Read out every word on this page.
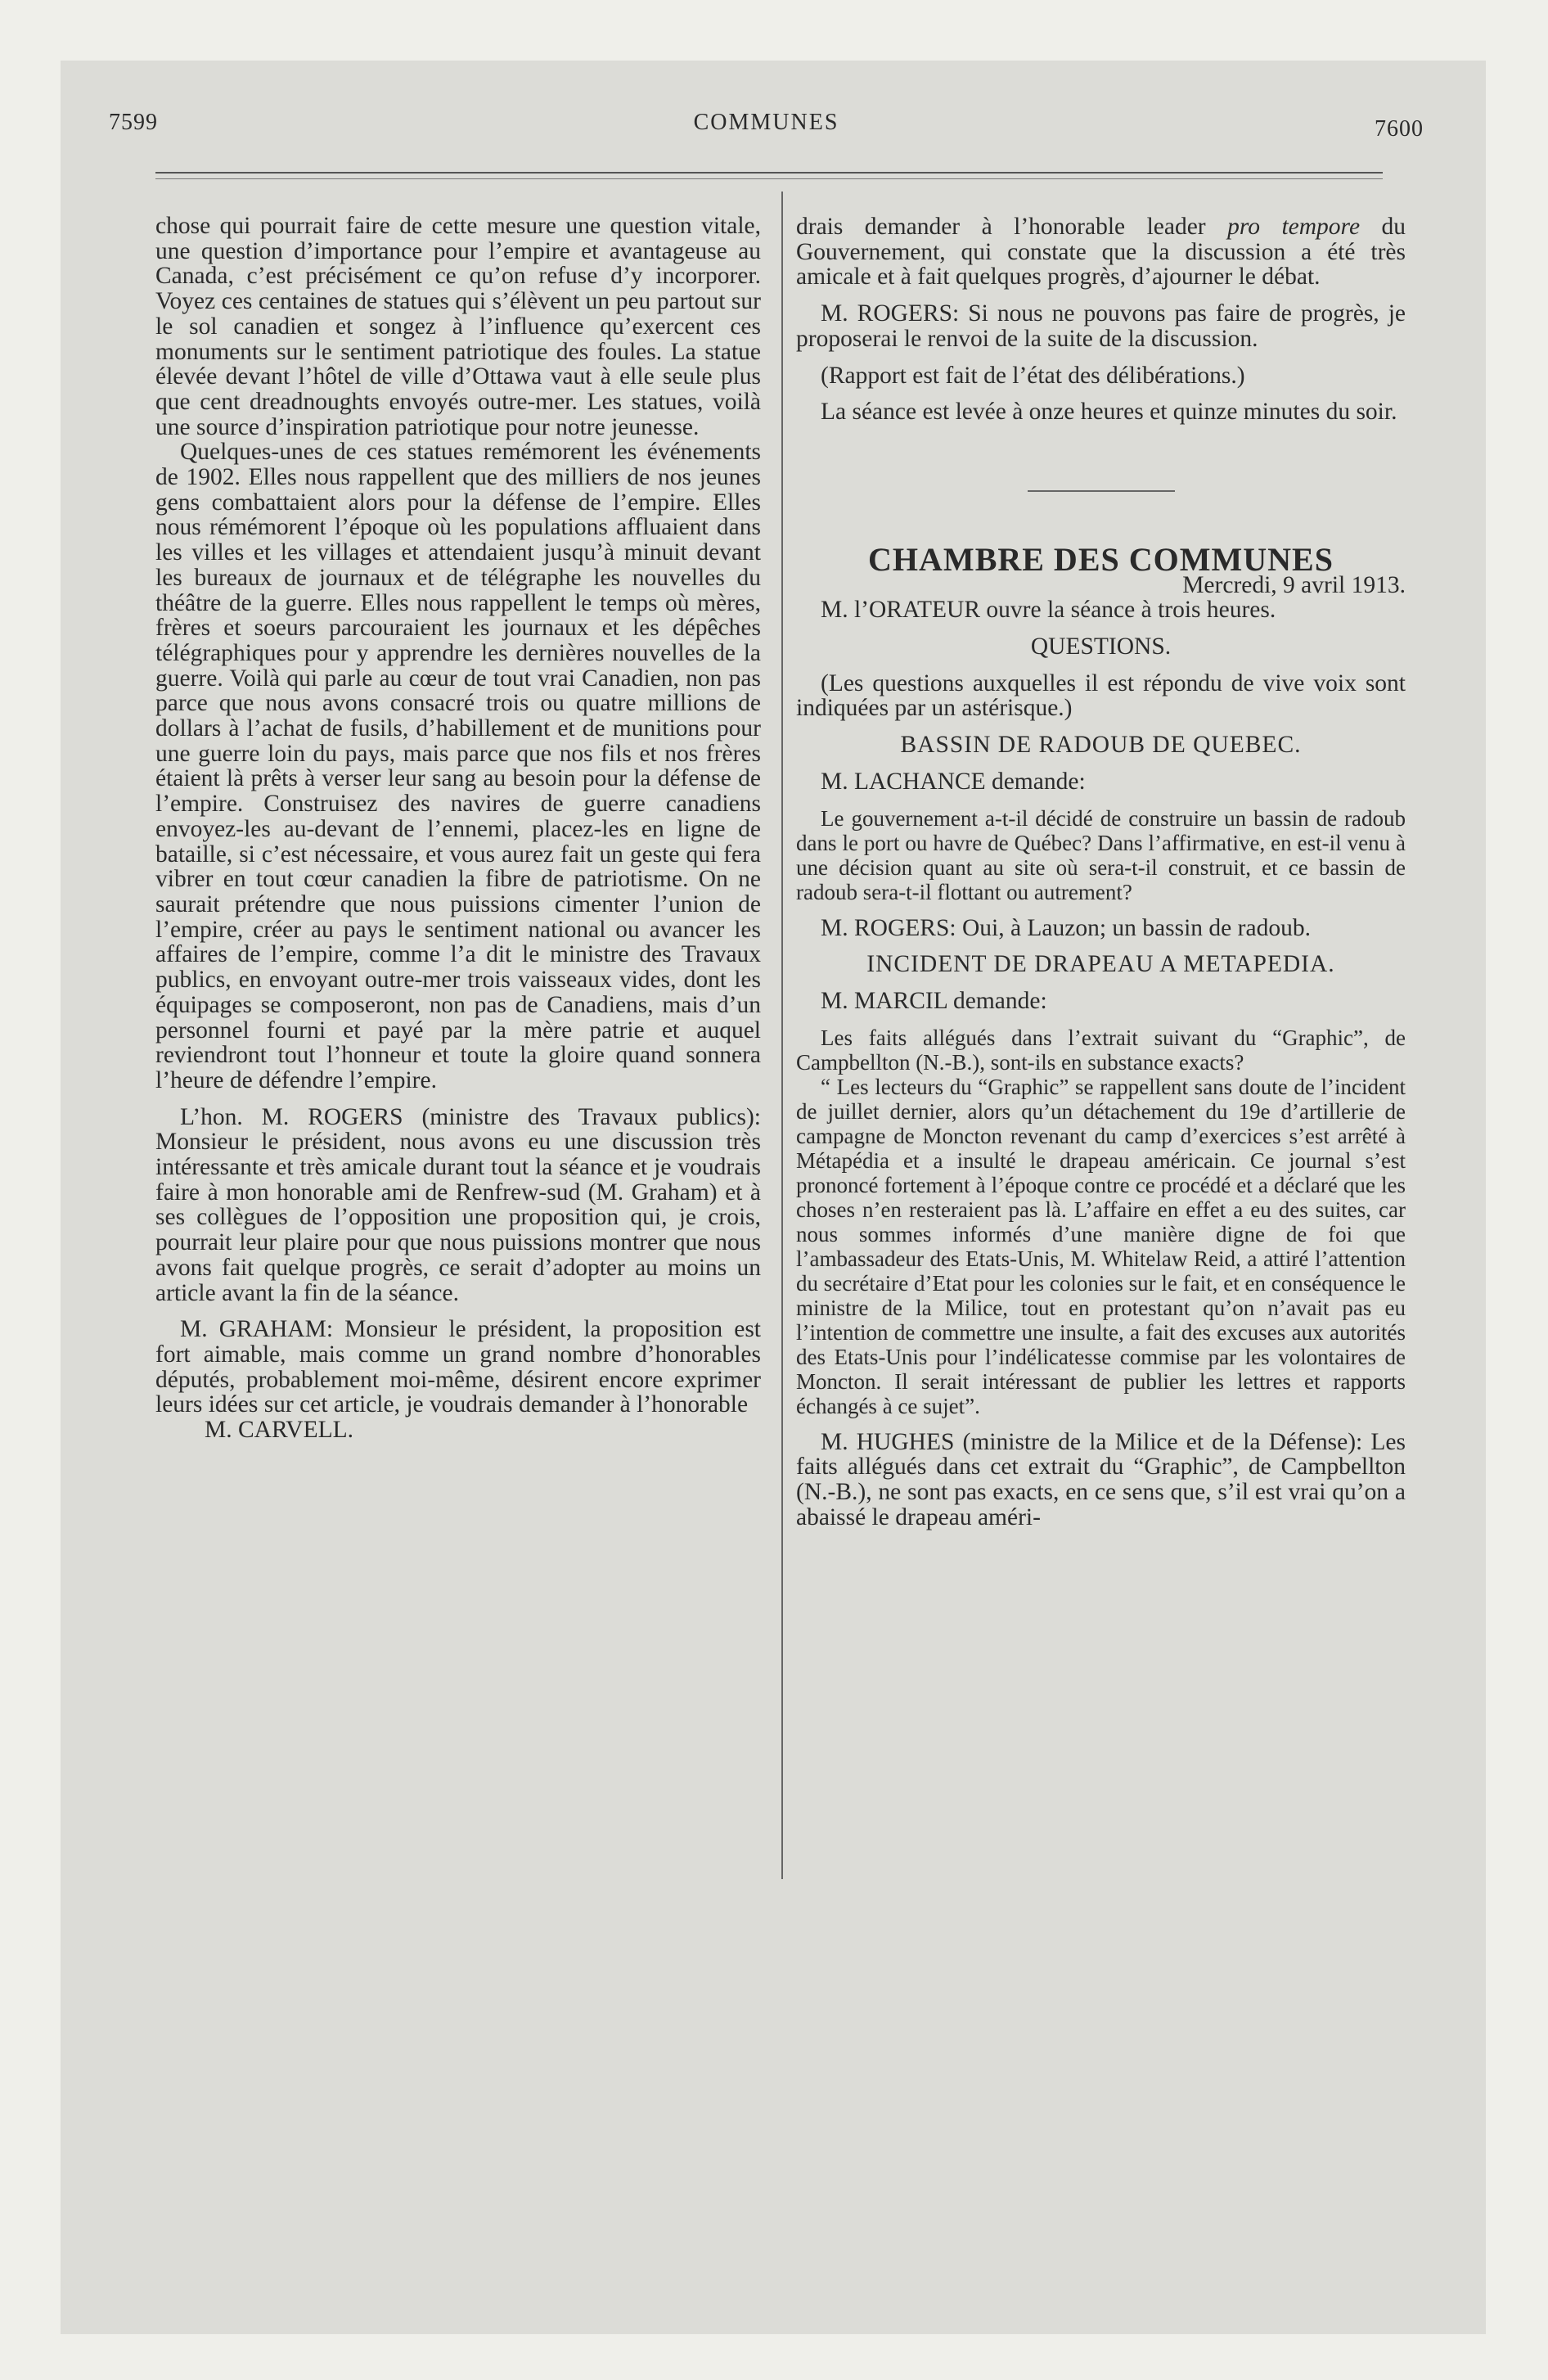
7599	COMMUNES	7600

chose qui pourrait faire de cette mesure une question vitale, une question d’importance pour l’empire et avantageuse au Canada, c’est précisément ce qu’on refuse d’y incorporer. Voyez ces centaines de statues qui s’élèvent un peu partout sur le sol canadien et songez à l’influence qu’exercent ces monuments sur le sentiment patriotique des foules. La statue élevée devant l’hôtel de ville d’Ottawa vaut à elle seule plus que cent dreadnoughts envoyés outre-mer. Les statues, voilà une source d’inspiration patriotique pour notre jeunesse.

Quelques-unes de ces statues remémorent les événements de 1902. Elles nous rappellent que des milliers de nos jeunes gens combattaient alors pour la défense de l’empire. Elles nous rémémorent l’époque où les populations affluaient dans les villes et les villages et attendaient jusqu’à minuit devant les bureaux de journaux et de télégraphe les nouvelles du théâtre de la guerre. Elles nous rappellent le temps où mères, frères et soeurs parcouraient les journaux et les dépêches télégraphiques pour y apprendre les dernières nouvelles de la guerre. Voilà qui parle au cœur de tout vrai Canadien, non pas parce que nous avons consacré trois ou quatre millions de dollars à l’achat de fusils, d’habillement et de munitions pour une guerre loin du pays, mais parce que nos fils et nos frères étaient là prêts à verser leur sang au besoin pour la défense de l’empire. Construisez des navires de guerre canadiens envoyez-les au-devant de l’ennemi, placez-les en ligne de bataille, si c’est nécessaire, et vous aurez fait un geste qui fera vibrer en tout cœur canadien la fibre de patriotisme. On ne saurait prétendre que nous puissions cimenter l’union de l’empire, créer au pays le sentiment national ou avancer les affaires de l’empire, comme l’a dit le ministre des Travaux publics, en envoyant outre-mer trois vaisseaux vides, dont les équipages se composeront, non pas de Canadiens, mais d’un personnel fourni et payé par la mère patrie et auquel reviendront tout l’honneur et toute la gloire quand sonnera l’heure de défendre l’empire.

L’hon. M. ROGERS (ministre des Travaux publics): Monsieur le président, nous avons eu une discussion très intéressante et très amicale durant tout la séance et je voudrais faire à mon honorable ami de Renfrew-sud (M. Graham) et à ses collègues de l’opposition une proposition qui, je crois, pourrait leur plaire pour que nous puissions montrer que nous avons fait quelque progrès, ce serait d’adopter au moins un article avant la fin de la séance.

M. GRAHAM: Monsieur le président, la proposition est fort aimable, mais comme un grand nombre d’honorables députés, probablement moi-même, désirent encore exprimer leurs idées sur cet article, je voudrais demander à l’honorable

M. CARVELL.

drais demander à l’honorable leader pro tempore du Gouvernement, qui constate que la discussion a été très amicale et à fait quelques progrès, d’ajourner le débat.

M. ROGERS: Si nous ne pouvons pas faire de progrès, je proposerai le renvoi de la suite de la discussion.

(Rapport est fait de l’état des délibérations.)

La séance est levée à onze heures et quinze minutes du soir.

CHAMBRE DES COMMUNES

Mercredi, 9 avril 1913.

M. l’ORATEUR ouvre la séance à trois heures.

QUESTIONS.

(Les questions auxquelles il est répondu de vive voix sont indiquées par un astérisque.)

BASSIN DE RADOUB DE QUEBEC.

M. LACHANCE demande:

Le gouvernement a-t-il décidé de construire un bassin de radoub dans le port ou havre de Québec? Dans l’affirmative, en est-il venu à une décision quant au site où sera-t-il construit, et ce bassin de radoub sera-t-il flottant ou autrement?

M. ROGERS: Oui, à Lauzon; un bassin de radoub.

INCIDENT DE DRAPEAU A METAPEDIA.

M. MARCIL demande:

Les faits allégués dans l’extrait suivant du “Graphic”, de Campbellton (N.-B.), sont-ils en substance exacts?

“ Les lecteurs du “Graphic” se rappellent sans doute de l’incident de juillet dernier, alors qu’un détachement du 19e d’artillerie de campagne de Moncton revenant du camp d’exercices s’est arrêté à Métapédia et a insulté le drapeau américain. Ce journal s’est prononcé fortement à l’époque contre ce procédé et a déclaré que les choses n’en resteraient pas là. L’affaire en effet a eu des suites, car nous sommes informés d’une manière digne de foi que l’ambassadeur des Etats-Unis, M. Whitelaw Reid, a attiré l’attention du secrétaire d’Etat pour les colonies sur le fait, et en conséquence le ministre de la Milice, tout en protestant qu’on n’avait pas eu l’intention de commettre une insulte, a fait des excuses aux autorités des Etats-Unis pour l’indélicatesse commise par les volontaires de Moncton. Il serait intéressant de publier les lettres et rapports échangés à ce sujet”.

M. HUGHES (ministre de la Milice et de la Défense): Les faits allégués dans cet extrait du “Graphic”, de Campbellton (N.-B.), ne sont pas exacts, en ce sens que, s’il est vrai qu’on a abaissé le drapeau améri-
